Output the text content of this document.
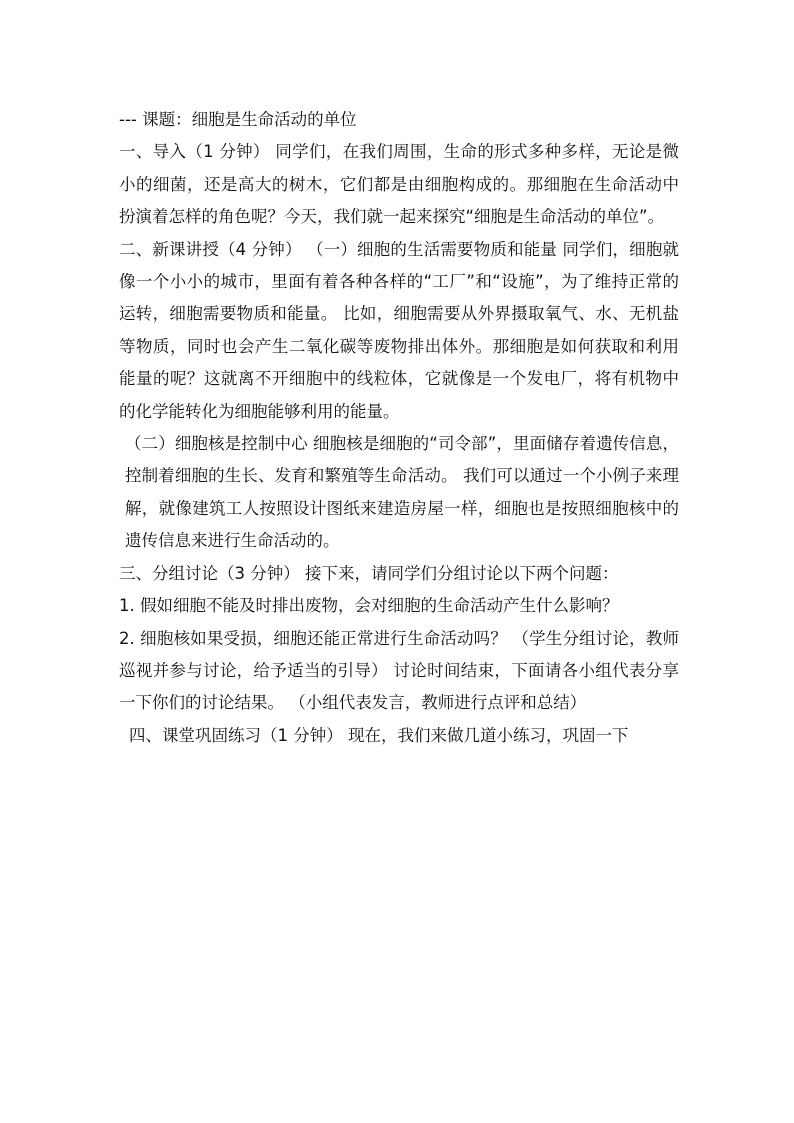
--- 课题：细胞是生命活动的单位

一、导入（1 分钟） 同学们，在我们周围，生命的形式多种多样，无论是微小的细菌，还是高大的树木，它们都是由细胞构成的。那细胞在生命活动中扮演着怎样的角色呢？今天，我们就一起来探究“细胞是生命活动的单位”。

二、新课讲授（4 分钟） （一）细胞的生活需要物质和能量 同学们，细胞就像一个小小的城市，里面有着各种各样的“工厂”和“设施”，为了维持正常的运转，细胞需要物质和能量。 比如，细胞需要从外界摄取氧气、水、无机盐等物质，同时也会产生二氧化碳等废物排出体外。那细胞是如何获取和利用能量的呢？这就离不开细胞中的线粒体，它就像是一个发电厂，将有机物中的化学能转化为细胞能够利用的能量。

（二）细胞核是控制中心 细胞核是细胞的“司令部”，里面储存着遗传信息，控制着细胞的生长、发育和繁殖等生命活动。 我们可以通过一个小例子来理解，就像建筑工人按照设计图纸来建造房屋一样，细胞也是按照细胞核中的遗传信息来进行生命活动的。

三、分组讨论（3 分钟） 接下来，请同学们分组讨论以下两个问题：

1. 假如细胞不能及时排出废物，会对细胞的生命活动产生什么影响？

2. 细胞核如果受损，细胞还能正常进行生命活动吗？ （学生分组讨论，教师巡视并参与讨论，给予适当的引导） 讨论时间结束，下面请各小组代表分享一下你们的讨论结果。 （小组代表发言，教师进行点评和总结）

四、课堂巩固练习（1 分钟） 现在，我们来做几道小练习，巩固一下
